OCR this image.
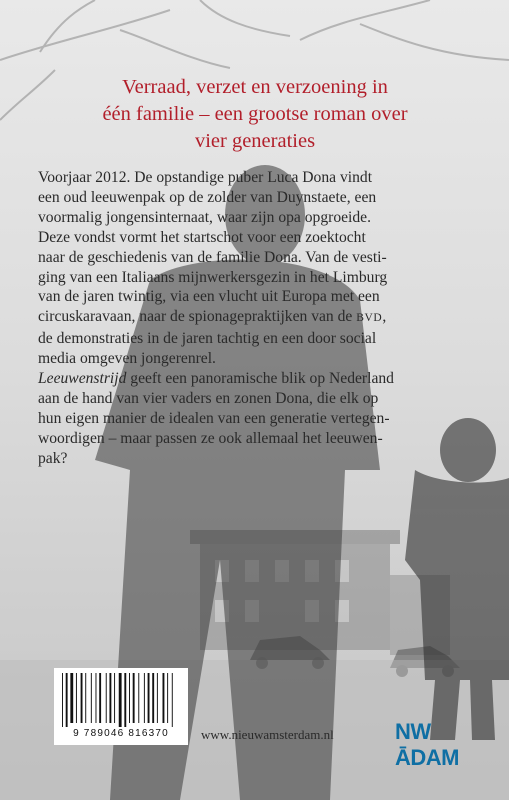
Verraad, verzet en verzoening in
één familie – een grootse roman over
vier generaties

Voorjaar 2012. De opstandige puber Luca Dona vindt

een oud leeuwenpak op de zolder van Duynstaete, een

voormalig jongensinternaat, waar zijn opa opgroeide.

Deze vondst vormt het startschot voor een zoektocht

naar de geschiedenis van de familie Dona. Van de vesti-

ging van een Italiaans mijnwerkersgezin in het Limburg

van de jaren twintig, via een vlucht uit Europa met een

circuskaravaan, naar de spionagepraktijken van de BVD,

de demonstraties in de jaren tachtig en een door social

media omgeven jongerenrel.

Leeuwenstrijd geeft een panoramische blik op Nederland

aan de hand van vier vaders en zonen Dona, die elk op

hun eigen manier de idealen van een generatie vertegen-

woordigen – maar passen ze ook allemaal het leeuwen-

pak?

9 789046 816370	www.nieuwamsterdam.nl	NW ĀDAM
